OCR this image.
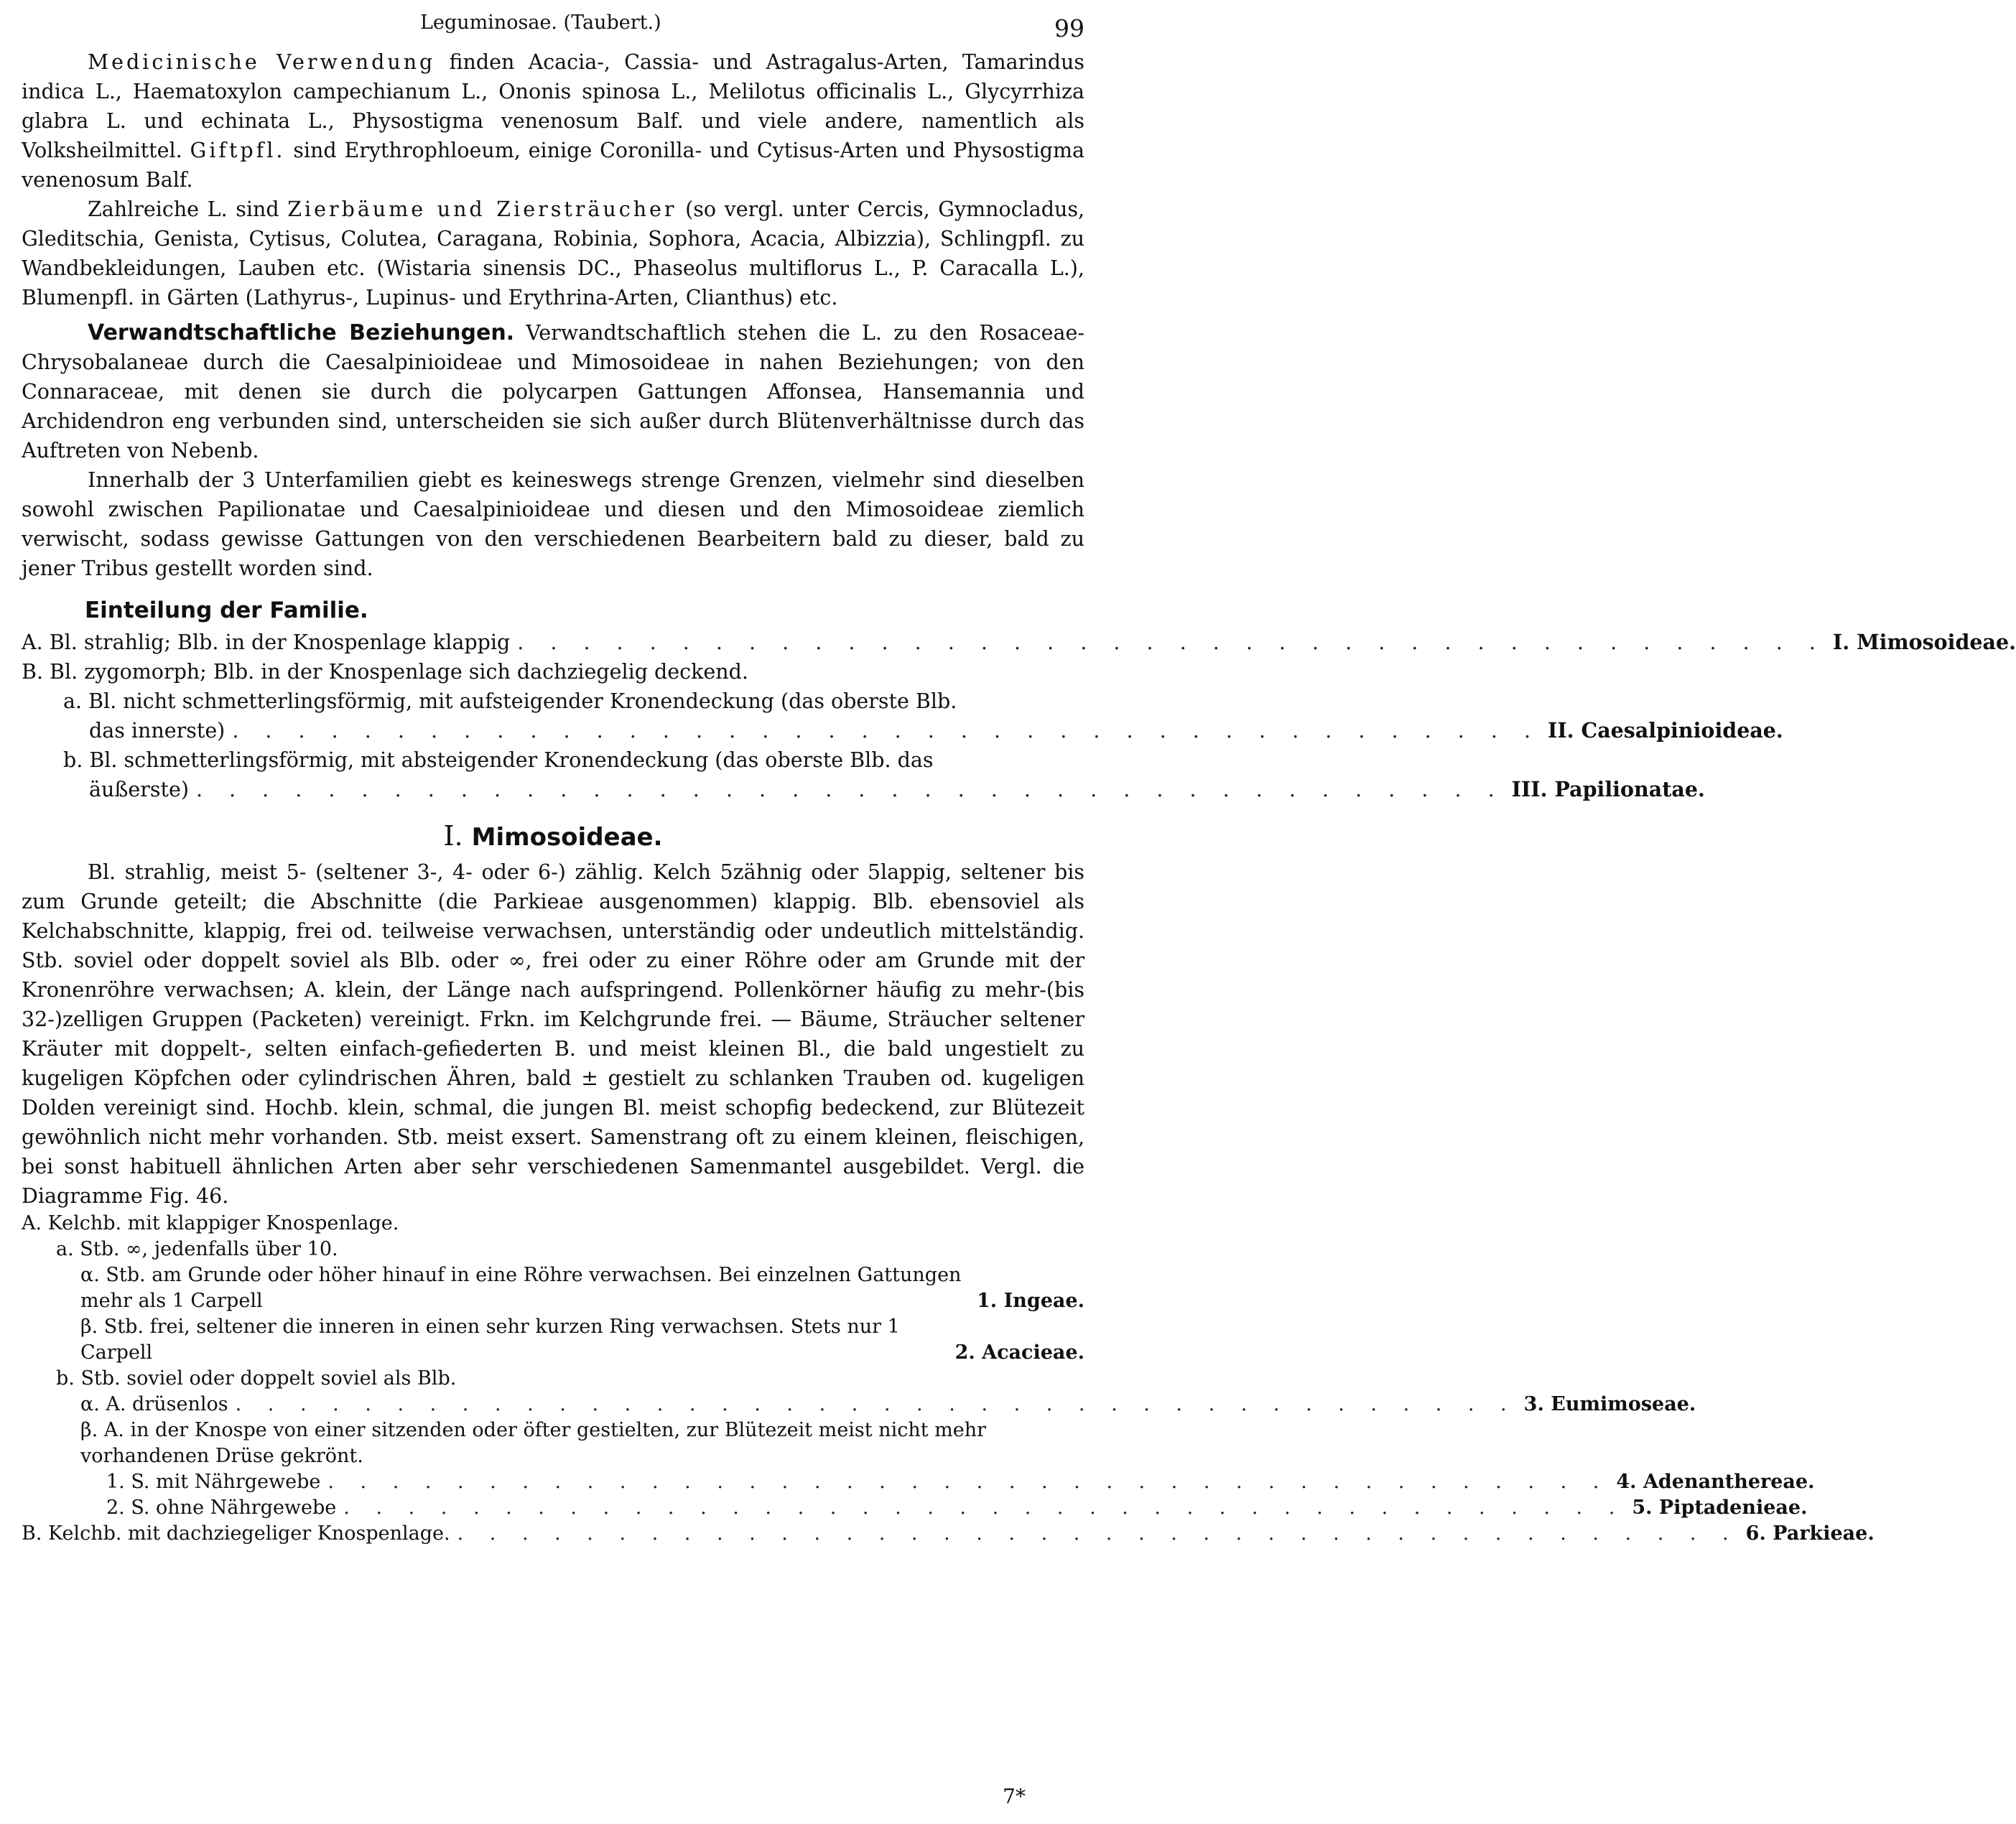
Leguminosae. (Taubert.)	99

Medicinische Verwendung finden Acacia-, Cassia- und Astragalus-Arten, Tamarindus indica L., Haematoxylon campechianum L., Ononis spinosa L., Melilotus officinalis L., Glycyrrhiza glabra L. und echinata L., Physostigma venenosum Balf. und viele andere, namentlich als Volksheilmittel. Giftpfl. sind Erythrophloeum, einige Coronilla- und Cytisus-Arten und Physostigma venenosum Balf.

Zahlreiche L. sind Zierbäume und Ziersträucher (so vergl. unter Cercis, Gymnocladus, Gleditschia, Genista, Cytisus, Colutea, Caragana, Robinia, Sophora, Acacia, Albizzia), Schlingpfl. zu Wandbekleidungen, Lauben etc. (Wistaria sinensis DC., Phaseolus multiflorus L., P. Caracalla L.), Blumenpfl. in Gärten (Lathyrus-, Lupinus- und Erythrina-Arten, Clianthus) etc.

Verwandtschaftliche Beziehungen. Verwandtschaftlich stehen die L. zu den Rosaceae-Chrysobalaneae durch die Caesalpinioideae und Mimosoideae in nahen Beziehungen; von den Connaraceae, mit denen sie durch die polycarpen Gattungen Affonsea, Hansemannia und Archidendron eng verbunden sind, unterscheiden sie sich außer durch Blütenverhältnisse durch das Auftreten von Nebenb.

Innerhalb der 3 Unterfamilien giebt es keineswegs strenge Grenzen, vielmehr sind dieselben sowohl zwischen Papilionatae und Caesalpinioideae und diesen und den Mimosoideae ziemlich verwischt, sodass gewisse Gattungen von den verschiedenen Bearbeitern bald zu dieser, bald zu jener Tribus gestellt worden sind.

Einteilung der Familie.
A. Bl. strahlig; Blb. in der Knospenlage klappig . . . . . . . . . . . . . . . . . . . . . . . . . . . . . . . . . . . . . . . . I. Mimosoideae.
B. Bl. zygomorph; Blb. in der Knospenlage sich dachziegelig deckend.
a. Bl. nicht schmetterlingsförmig, mit aufsteigender Kronendeckung (das oberste Blb.
das innerste) . . . . . . . . . . . . . . . . . . . . . . . . . . . . . . . . . . . . . . . . II. Caesalpinioideae.
b. Bl. schmetterlingsförmig, mit absteigender Kronendeckung (das oberste Blb. das
äußerste) . . . . . . . . . . . . . . . . . . . . . . . . . . . . . . . . . . . . . . . . III. Papilionatae.
I. Mimosoideae.

Bl. strahlig, meist 5- (seltener 3-, 4- oder 6-) zählig. Kelch 5zähnig oder 5lappig, seltener bis zum Grunde geteilt; die Abschnitte (die Parkieae ausgenommen) klappig. Blb. ebensoviel als Kelchabschnitte, klappig, frei od. teilweise verwachsen, unterständig oder undeutlich mittelständig. Stb. soviel oder doppelt soviel als Blb. oder ∞, frei oder zu einer Röhre oder am Grunde mit der Kronenröhre verwachsen; A. klein, der Länge nach aufspringend. Pollenkörner häufig zu mehr-(bis 32-)zelligen Gruppen (Packeten) vereinigt. Frkn. im Kelchgrunde frei. — Bäume, Sträucher seltener Kräuter mit doppelt-, selten einfach-gefiederten B. und meist kleinen Bl., die bald ungestielt zu kugeligen Köpfchen oder cylindrischen Ähren, bald ± gestielt zu schlanken Trauben od. kugeligen Dolden vereinigt sind. Hochb. klein, schmal, die jungen Bl. meist schopfig bedeckend, zur Blütezeit gewöhnlich nicht mehr vorhanden. Stb. meist exsert. Samenstrang oft zu einem kleinen, fleischigen, bei sonst habituell ähnlichen Arten aber sehr verschiedenen Samenmantel ausgebildet. Vergl. die Diagramme Fig. 46.

A. Kelchb. mit klappiger Knospenlage.
a. Stb. ∞, jedenfalls über 10.
α. Stb. am Grunde oder höher hinauf in eine Röhre verwachsen. Bei einzelnen Gattungen mehr als 1 Carpell	1. Ingeae.
β. Stb. frei, seltener die inneren in einen sehr kurzen Ring verwachsen. Stets nur 1 Carpell	2. Acacieae.
b. Stb. soviel oder doppelt soviel als Blb.
α. A. drüsenlos . . . . . . . . . . . . . . . . . . . . . . . . . . . . . . . . . . . . . . . . 3. Eumimoseae.
β. A. in der Knospe von einer sitzenden oder öfter gestielten, zur Blütezeit meist nicht mehr vorhandenen Drüse gekrönt.
1. S. mit Nährgewebe . . . . . . . . . . . . . . . . . . . . . . . . . . . . . . . . . . . . . . . . 4. Adenanthereae.
2. S. ohne Nährgewebe . . . . . . . . . . . . . . . . . . . . . . . . . . . . . . . . . . . . . . . . 5. Piptadenieae.
B. Kelchb. mit dachziegeliger Knospenlage. . . . . . . . . . . . . . . . . . . . . . . . . . . . . . . . . . . . . . . . . 6. Parkieae.
7*
